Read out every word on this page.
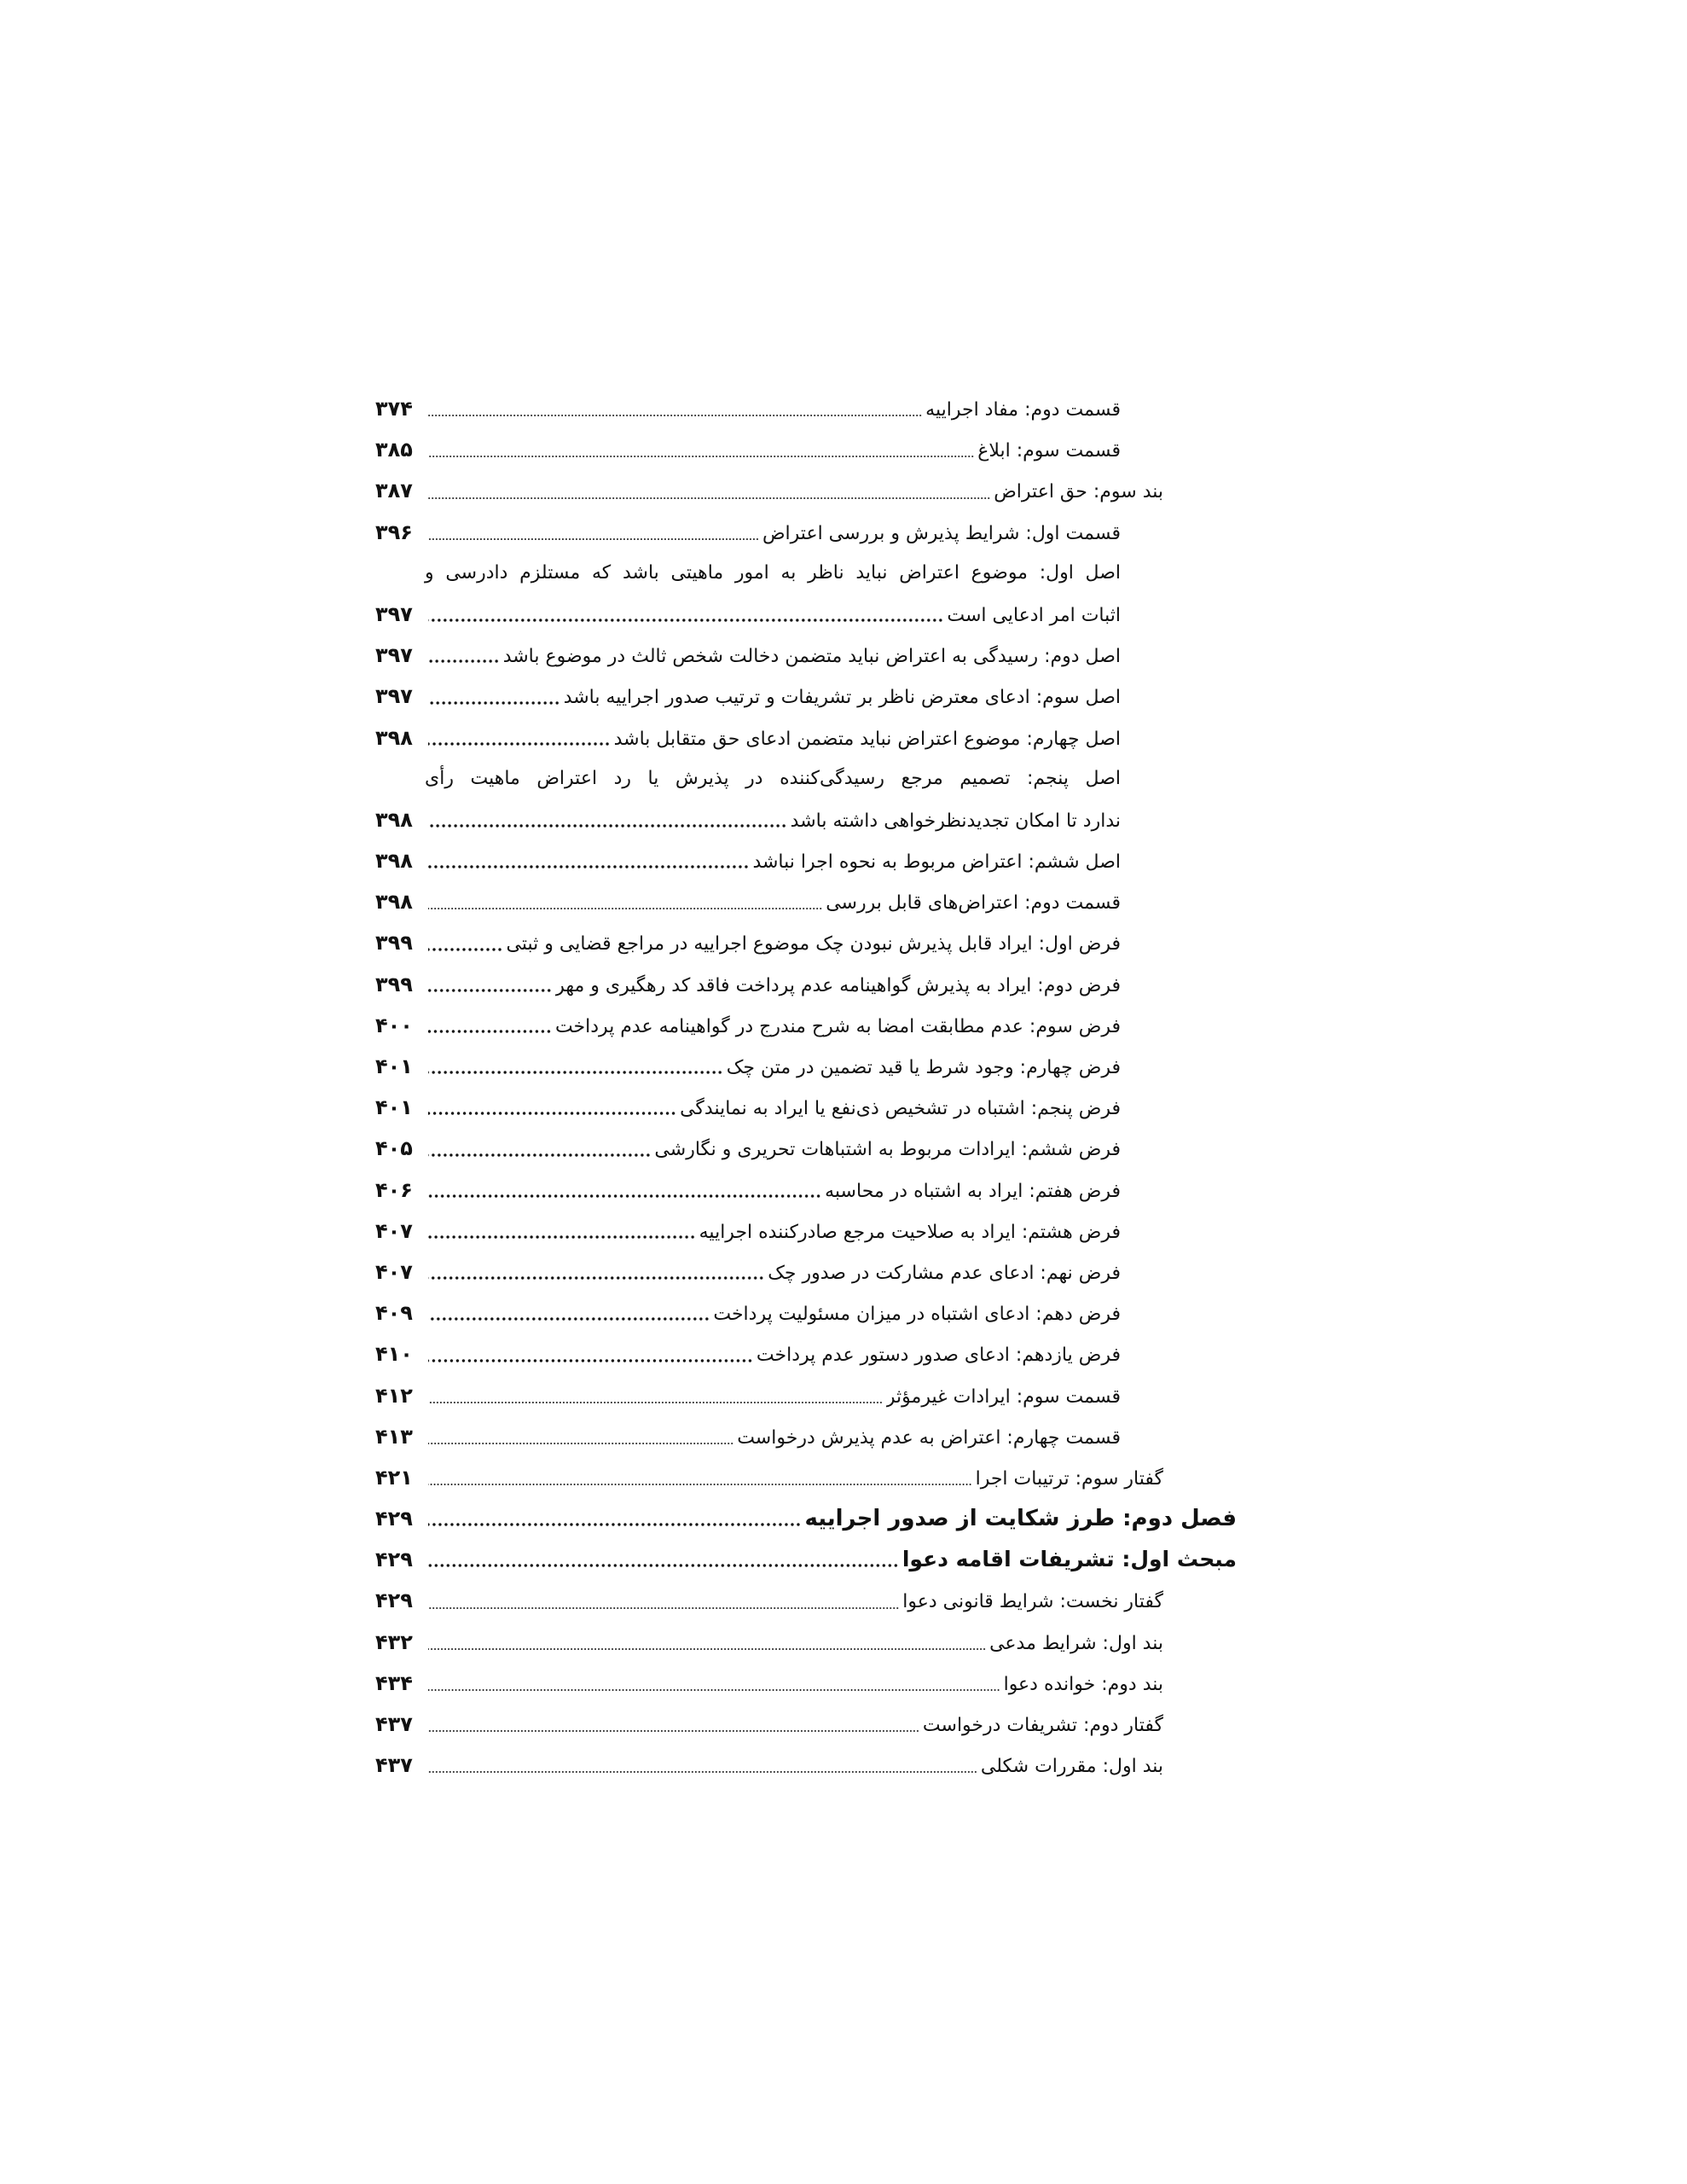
قسمت دوم: مفاد اجراییه
۳۷۴
قسمت سوم: ابلاغ
۳۸۵
بند سوم: حق اعتراض
۳۸۷
قسمت اول: شرایط پذیرش و بررسی اعتراض
۳۹۶
اصل اول: موضوع اعتراض نباید ناظر به امور ماهیتی باشد که مستلزم دادرسی و
اثبات امر ادعایی است
۳۹۷
اصل دوم: رسیدگی به اعتراض نباید متضمن دخالت شخص ثالث در موضوع باشد
۳۹۷
اصل سوم: ادعای معترض ناظر بر تشریفات و ترتیب صدور اجراییه باشد
۳۹۷
اصل چهارم: موضوع اعتراض نباید متضمن ادعای حق متقابل باشد
۳۹۸
اصل پنجم: تصمیم مرجع رسیدگی‌کننده در پذیرش یا رد اعتراض ماهیت رأی
ندارد تا امکان تجدیدنظرخواهی داشته باشد
۳۹۸
اصل ششم: اعتراض مربوط به نحوه اجرا نباشد
۳۹۸
قسمت دوم: اعتراض‌های قابل بررسی
۳۹۸
فرض اول: ایراد قابل پذیرش نبودن چک موضوع اجراییه در مراجع قضایی و ثبتی
۳۹۹
فرض دوم: ایراد به پذیرش گواهینامه عدم پرداخت فاقد کد رهگیری و مهر
۳۹۹
فرض سوم: عدم مطابقت امضا به شرح مندرج در گواهینامه عدم پرداخت
۴۰۰
فرض چهارم: وجود شرط یا قید تضمین در متن چک
۴۰۱
فرض پنجم: اشتباه در تشخیص ذی‌نفع یا ایراد به نمایندگی
۴۰۱
فرض ششم: ایرادات مربوط به اشتباهات تحریری و نگارشی
۴۰۵
فرض هفتم: ایراد به اشتباه در محاسبه
۴۰۶
فرض هشتم: ایراد به صلاحیت مرجع صادرکننده اجراییه
۴۰۷
فرض نهم: ادعای عدم مشارکت در صدور چک
۴۰۷
فرض دهم: ادعای اشتباه در میزان مسئولیت پرداخت
۴۰۹
فرض یازدهم: ادعای صدور دستور عدم پرداخت
۴۱۰
قسمت سوم: ایرادات غیرمؤثر
۴۱۲
قسمت چهارم: اعتراض به عدم پذیرش درخواست
۴۱۳
گفتار سوم: ترتیبات اجرا
۴۲۱
فصل دوم: طرز شکایت از صدور اجراییه
۴۲۹
مبحث اول: تشریفات اقامه دعوا
۴۲۹
گفتار نخست: شرایط قانونی دعوا
۴۲۹
بند اول: شرایط مدعی
۴۳۲
بند دوم: خوانده دعوا
۴۳۴
گفتار دوم: تشریفات درخواست
۴۳۷
بند اول: مقررات شکلی
۴۳۷
